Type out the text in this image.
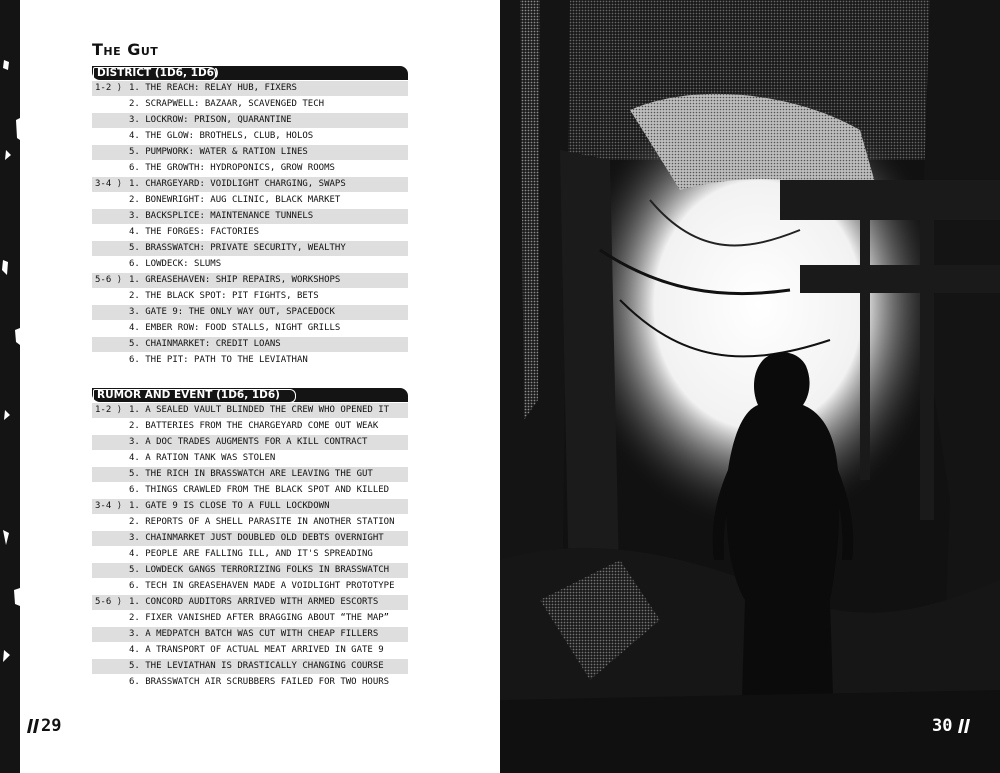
The Gut
DISTRICT (1D6, 1D6)
1-2 ⟩ 1. THE REACH: RELAY HUB, FIXERS
2. SCRAPWELL: BAZAAR, SCAVENGED TECH
3. LOCKROW: PRISON, QUARANTINE
4. THE GLOW: BROTHELS, CLUB, HOLOS
5. PUMPWORK: WATER & RATION LINES
6. THE GROWTH: HYDROPONICS, GROW ROOMS
3-4 ⟩ 1. CHARGEYARD: VOIDLIGHT CHARGING, SWAPS
2. BONEWRIGHT: AUG CLINIC, BLACK MARKET
3. BACKSPLICE: MAINTENANCE TUNNELS
4. THE FORGES: FACTORIES
5. BRASSWATCH: PRIVATE SECURITY, WEALTHY
6. LOWDECK: SLUMS
5-6 ⟩ 1. GREASEHAVEN: SHIP REPAIRS, WORKSHOPS
2. THE BLACK SPOT: PIT FIGHTS, BETS
3. GATE 9: THE ONLY WAY OUT, SPACEDOCK
4. EMBER ROW: FOOD STALLS, NIGHT GRILLS
5. CHAINMARKET: CREDIT LOANS
6. THE PIT: PATH TO THE LEVIATHAN
RUMOR AND EVENT (1D6, 1D6)
1-2 ⟩ 1. A SEALED VAULT BLINDED THE CREW WHO OPENED IT
2. BATTERIES FROM THE CHARGEYARD COME OUT WEAK
3. A DOC TRADES AUGMENTS FOR A KILL CONTRACT
4. A RATION TANK WAS STOLEN
5. THE RICH IN BRASSWATCH ARE LEAVING THE GUT
6. THINGS CRAWLED FROM THE BLACK SPOT AND KILLED
3-4 ⟩ 1. GATE 9 IS CLOSE TO A FULL LOCKDOWN
2. REPORTS OF A SHELL PARASITE IN ANOTHER STATION
3. CHAINMARKET JUST DOUBLED OLD DEBTS OVERNIGHT
4. PEOPLE ARE FALLING ILL, AND IT'S SPREADING
5. LOWDECK GANGS TERRORIZING FOLKS IN BRASSWATCH
6. TECH IN GREASEHAVEN MADE A VOIDLIGHT PROTOTYPE
5-6 ⟩ 1. CONCORD AUDITORS ARRIVED WITH ARMED ESCORTS
2. FIXER VANISHED AFTER BRAGGING ABOUT “THE MAP”
3. A MEDPATCH BATCH WAS CUT WITH CHEAP FILLERS
4. A TRANSPORT OF ACTUAL MEAT ARRIVED IN GATE 9
5. THE LEVIATHAN IS DRASTICALLY CHANGING COURSE
6. BRASSWATCH AIR SCRUBBERS FAILED FOR TWO HOURS
29	30
